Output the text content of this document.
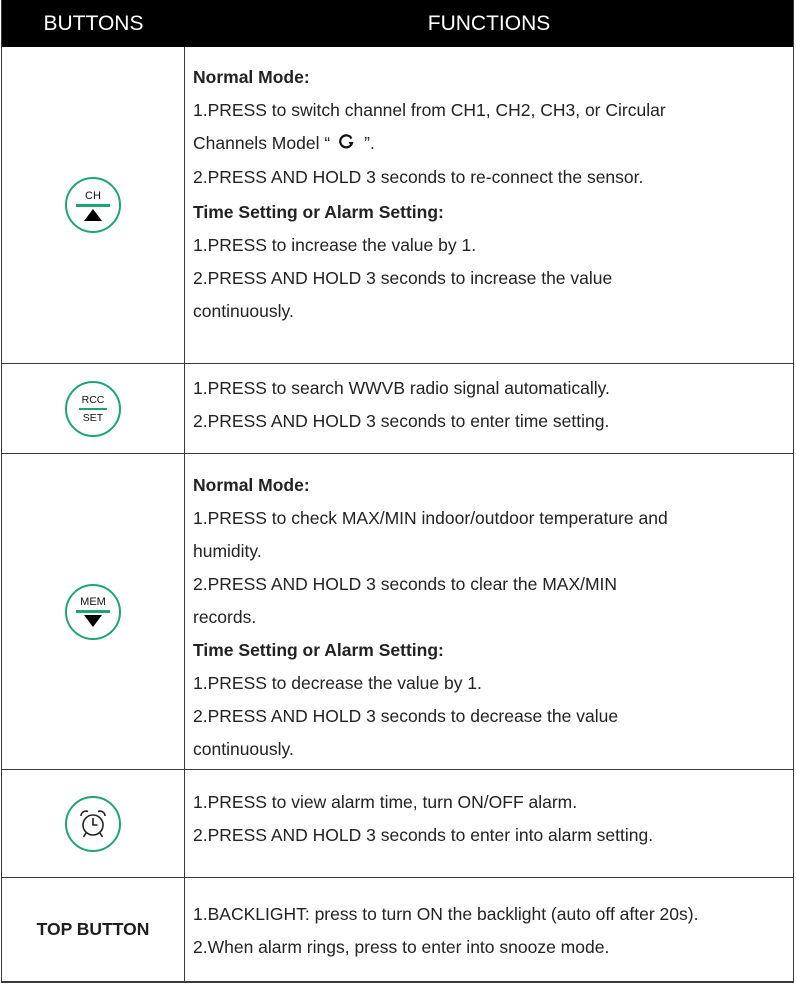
BUTTONS	FUNCTIONS
CH
Normal Mode:
1.PRESS to switch channel from CH1, CH2, CH3, or Circular
Channels Model “ ”.
2.PRESS AND HOLD 3 seconds to re-connect the sensor.
Time Setting or Alarm Setting:
1.PRESS to increase the value by 1.
2.PRESS AND HOLD 3 seconds to increase the value
continuously.
RCC
SET
1.PRESS to search WWVB radio signal automatically.
2.PRESS AND HOLD 3 seconds to enter time setting.
MEM
Normal Mode:
1.PRESS to check MAX/MIN indoor/outdoor temperature and
humidity.
2.PRESS AND HOLD 3 seconds to clear the MAX/MIN
records.
Time Setting or Alarm Setting:
1.PRESS to decrease the value by 1.
2.PRESS AND HOLD 3 seconds to decrease the value
continuously.
1.PRESS to view alarm time, turn ON/OFF alarm.
2.PRESS AND HOLD 3 seconds to enter into alarm setting.
TOP BUTTON
1.BACKLIGHT: press to turn ON the backlight (auto off after 20s).
2.When alarm rings, press to enter into snooze mode.
